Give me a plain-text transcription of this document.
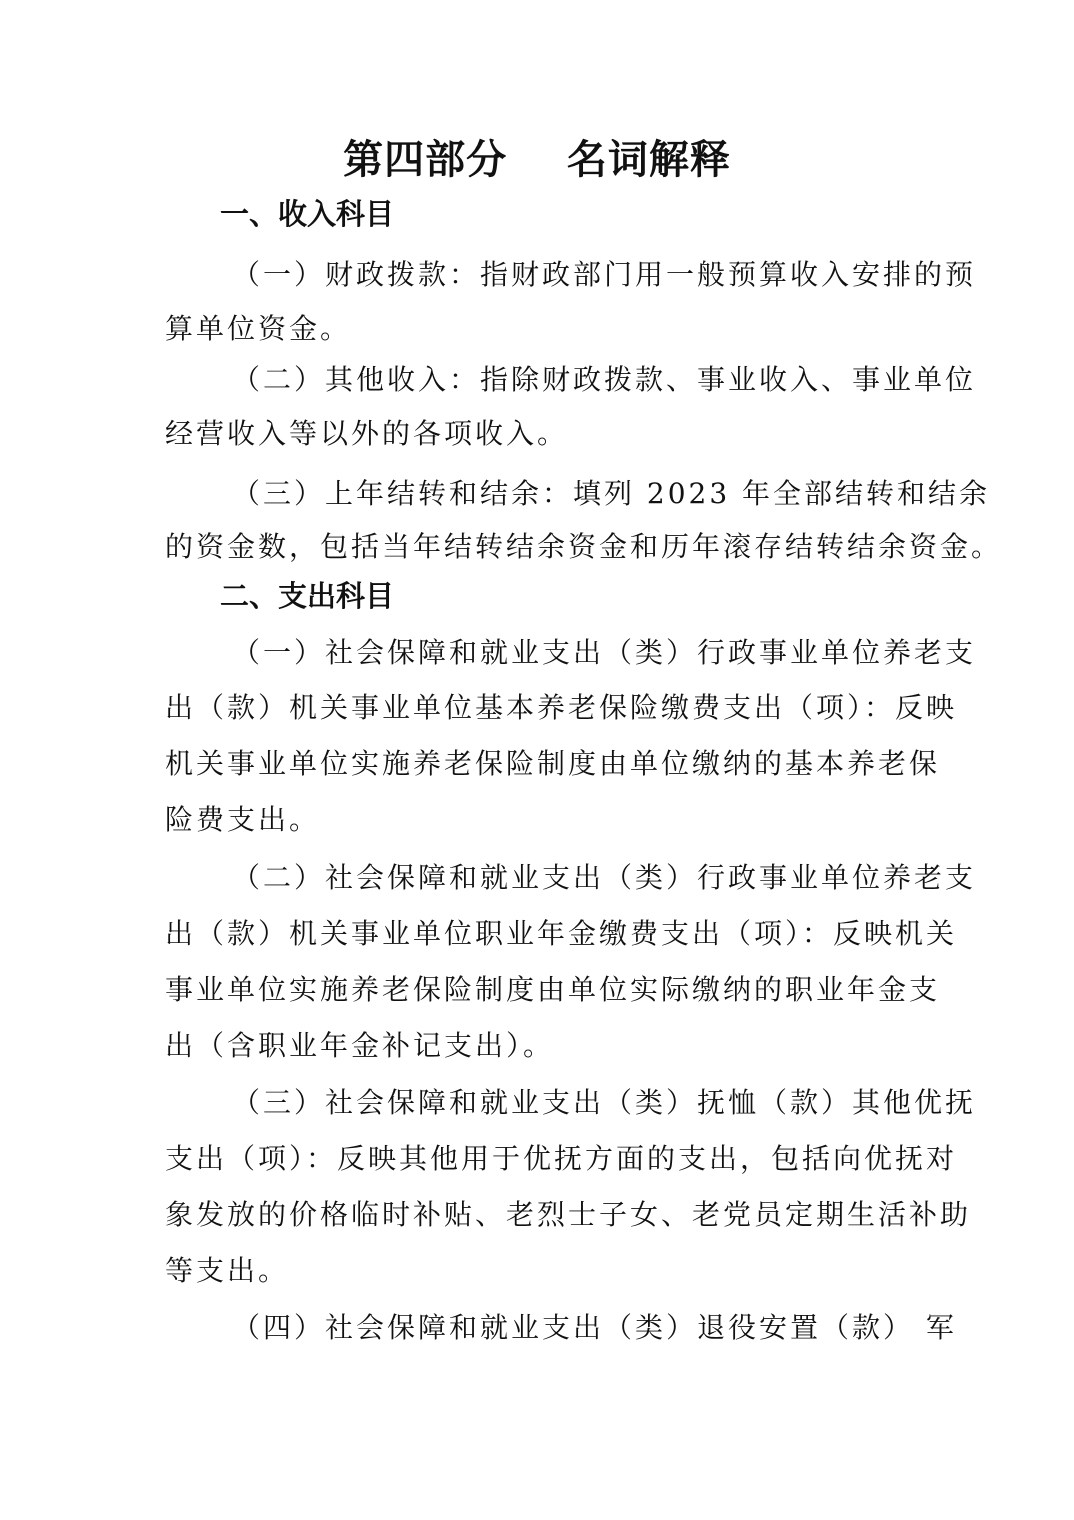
第四部分    名词解释
一、收入科目
（一）财政拨款：指财政部门用一般预算收入安排的预
算单位资金。
（二）其他收入：指除财政拨款、事业收入、事业单位
经营收入等以外的各项收入。
（三）上年结转和结余：填列 2023 年全部结转和结余
的资金数，包括当年结转结余资金和历年滚存结转结余资金。
二、支出科目
（一）社会保障和就业支出（类）行政事业单位养老支
出（款）机关事业单位基本养老保险缴费支出（项）：反映
机关事业单位实施养老保险制度由单位缴纳的基本养老保
险费支出。
（二）社会保障和就业支出（类）行政事业单位养老支
出（款）机关事业单位职业年金缴费支出（项）：反映机关
事业单位实施养老保险制度由单位实际缴纳的职业年金支
出（含职业年金补记支出）。
（三）社会保障和就业支出（类）抚恤（款）其他优抚
支出（项）：反映其他用于优抚方面的支出，包括向优抚对
象发放的价格临时补贴、老烈士子女、老党员定期生活补助
等支出。
（四）社会保障和就业支出（类）退役安置（款） 军
